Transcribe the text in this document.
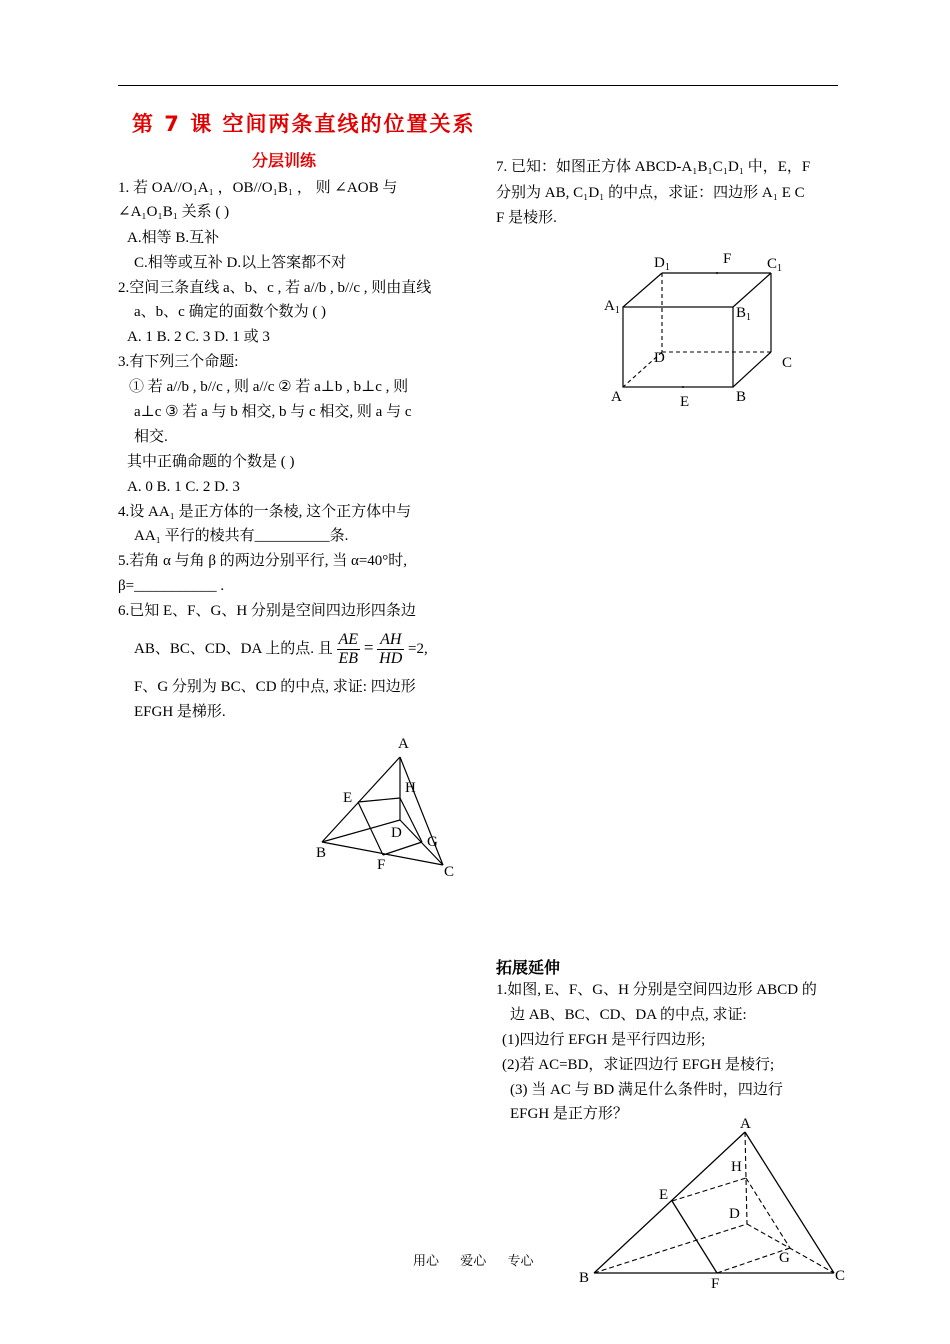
第 7 课 空间两条直线的位置关系
分层训练
1. 若 OA//O₁A₁ ，OB//O₁B₁ ， 则 ∠AOB 与
∠A₁O₁B₁ 关系 ( )
A.相等 B.互补
C.相等或互补 D.以上答案都不对
2.空间三条直线 a、b、c , 若 a//b , b//c , 则由直线
a、b、c 确定的面数个数为 ( )
A. 1 B. 2 C. 3 D. 1 或 3
3.有下列三个命题:
① 若 a//b , b//c , 则 a//c ② 若 a⊥b , b⊥c , 则
a⊥c ③ 若 a 与 b 相交, b 与 c 相交, 则 a 与 c
相交.
其中正确命题的个数是 ( )
A. 0 B. 1 C. 2 D. 3
4.设 AA₁ 是正方体的一条棱, 这个正方体中与
AA₁ 平行的棱共有__________条.
5.若角 α 与角 β 的两边分别平行, 当 α=40°时,
β=___________ .
6.已知 E、F、G、H 分别是空间四边形四条边
AB、BC、CD、DA 上的点. 且 $\frac{AE}{EB} = \frac{AH}{HD} =2$,
F、G 分别为 BC、CD 的中点, 求证: 四边形
EFGH 是梯形.
A
H
E
D
G
B
F	C
7. 已知：如图正方体 ABCD-A₁B₁C₁D₁ 中，E，F
分别为 AB, C₁D₁ 的中点，求证：四边形 A₁ E C
F 是棱形.
$D_1$
F $C_1$
$A_1$	$B_1$
D	C
A	E	B
拓展延伸
1.如图, E、F、G、H 分别是空间四边形 ABCD 的
边 AB、BC、CD、DA 的中点, 求证:
(1)四边行 EFGH 是平行四边形;
(2)若 AC=BD，求证四边行 EFGH 是棱行;
(3) 当 AC 与 BD 满足什么条件时，四边行
EFGH 是正方形？
A
H
E
D
G
B	F	C
用心 爱心 专心
